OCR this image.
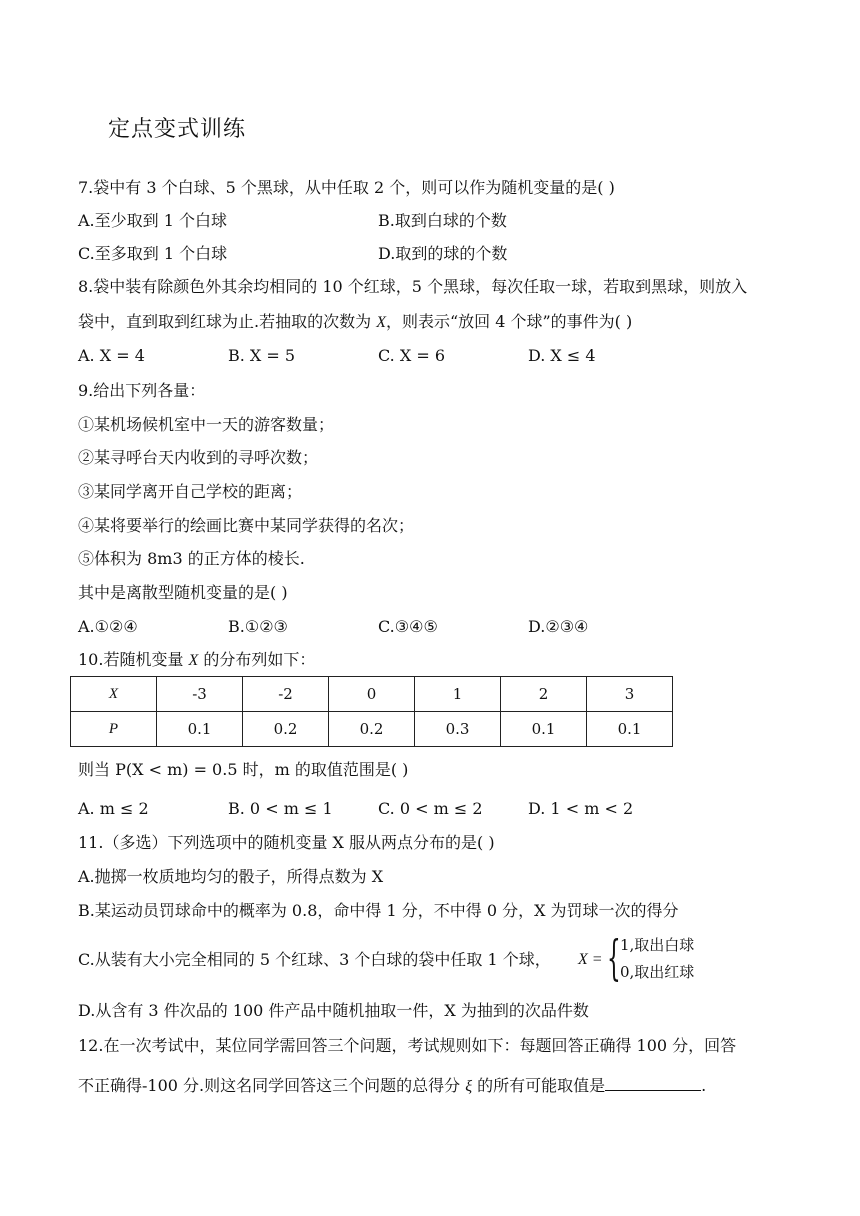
定点变式训练
7.袋中有 3 个白球、5 个黑球，从中任取 2 个，则可以作为随机变量的是( )
A.至少取到 1 个白球	B.取到白球的个数
C.至多取到 1 个白球	D.取到的球的个数
8.袋中装有除颜色外其余均相同的 10 个红球，5 个黑球，每次任取一球，若取到黑球，则放入
袋中，直到取到红球为止.若抽取的次数为 X，则表示“放回 4 个球”的事件为( )
A. X = 4	B. X = 5	C. X = 6	D. X ≤ 4
9.给出下列各量：
①某机场候机室中一天的游客数量；
②某寻呼台天内收到的寻呼次数；
③某同学离开自己学校的距离；
④某将要举行的绘画比赛中某同学获得的名次；
⑤体积为 8m3 的正方体的棱长.
其中是离散型随机变量的是( )
A.①②④	B.①②③	C.③④⑤	D.②③④
10.若随机变量 X 的分布列如下：
X	-3	-2	0	1	2	3
P	0.1	0.2	0.2	0.3	0.1	0.1
则当 P(X < m) = 0.5 时，m 的取值范围是( )
A. m ≤ 2	B. 0 < m ≤ 1	C. 0 < m ≤ 2	D. 1 < m < 2
11.（多选）下列选项中的随机变量 X 服从两点分布的是( )
A.抛掷一枚质地均匀的骰子，所得点数为 X
B.某运动员罚球命中的概率为 0.8，命中得 1 分，不中得 0 分，X 为罚球一次的得分
C.从装有大小完全相同的 5 个红球、3 个白球的袋中任取 1 个球， X = { 1,取出白球
0,取出红球
D.从含有 3 件次品的 100 件产品中随机抽取一件，X 为抽到的次品件数
12.在一次考试中，某位同学需回答三个问题，考试规则如下：每题回答正确得 100 分，回答
不正确得-100 分.则这名同学回答这三个问题的总得分 ξ 的所有可能取值是	.
